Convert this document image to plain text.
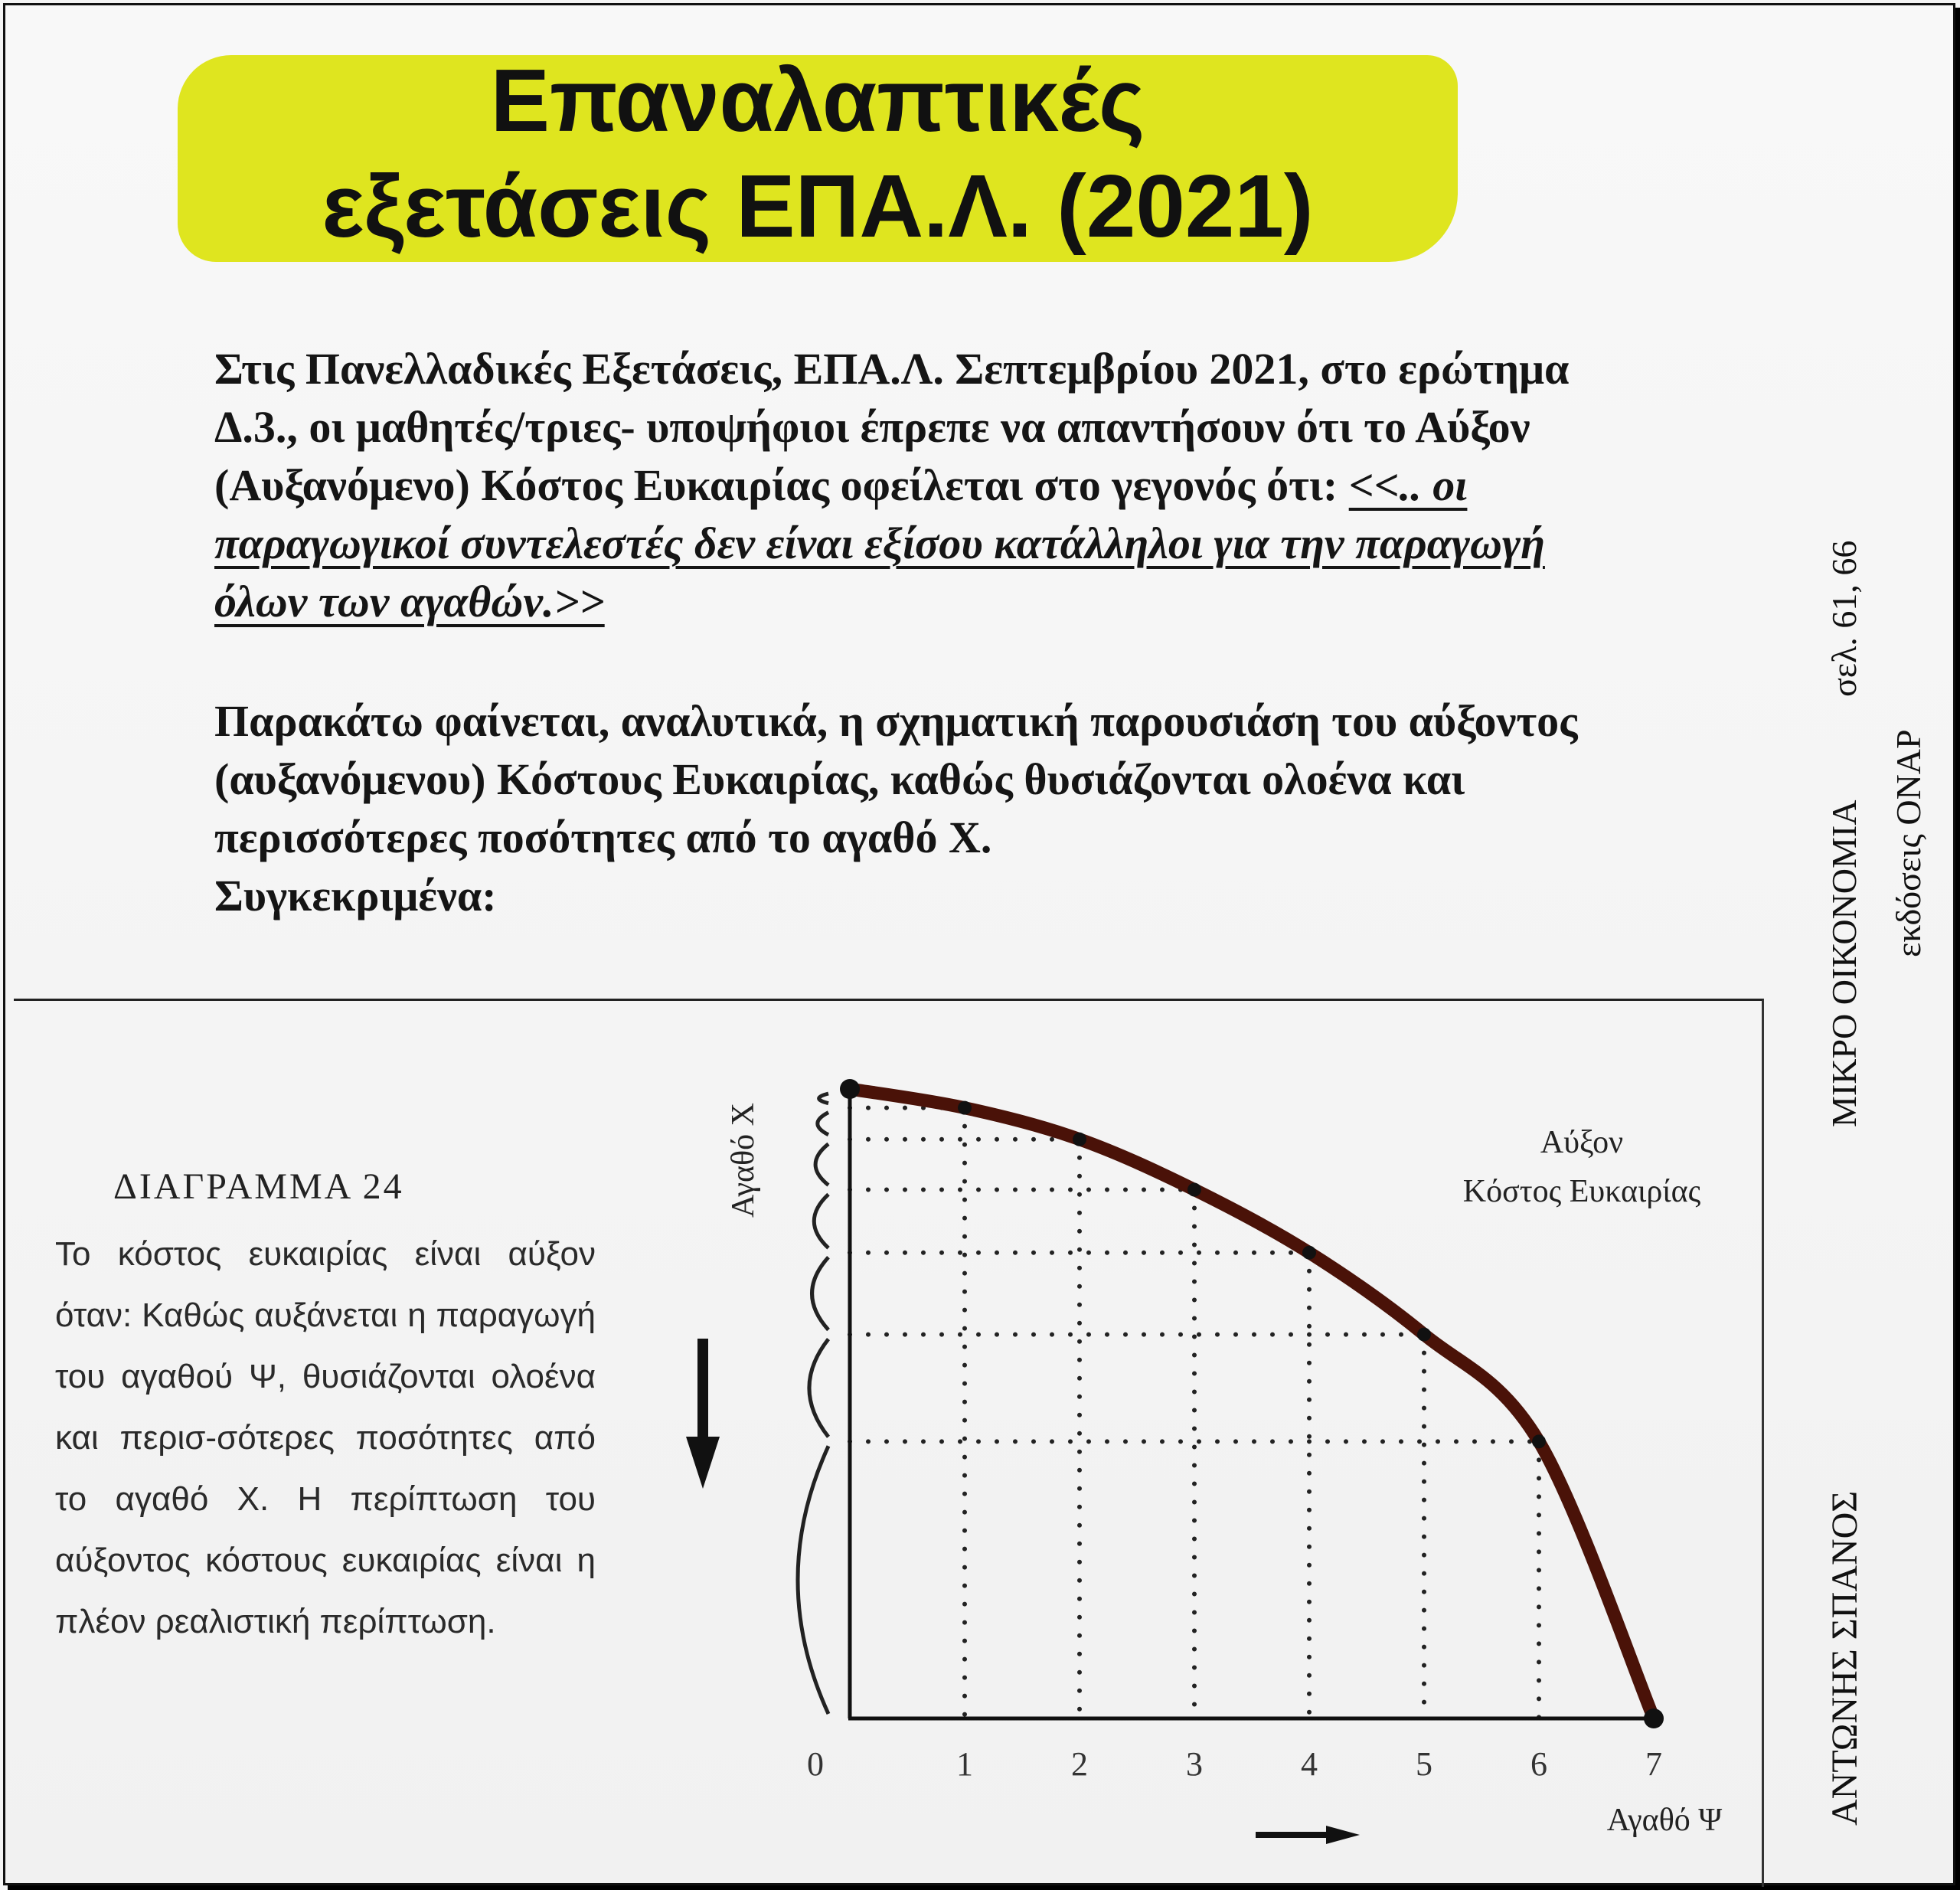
Επαναλαπτικές
εξετάσεις ΕΠΑ.Λ. (2021)
Στις Πανελλαδικές Εξετάσεις, ΕΠΑ.Λ. Σεπτεμβρίου 2021, στο ερώτημα Δ.3., οι μαθητές/τριες- υποψήφιοι έπρεπε να απαντήσουν ότι το Αύξον (Αυξανόμενο) Κόστος Ευκαιρίας οφείλεται στο γεγονός ότι: <<.. οι παραγωγικοί συντελεστές δεν είναι εξίσου κατάλληλοι για την παραγωγή όλων των αγαθών.>>
Παρακάτω φαίνεται, αναλυτικά, η σχηματική παρουσιάση του αύξοντος (αυξανόμενου) Κόστους Ευκαιρίας, καθώς θυσιάζονται ολοένα και περισσότερες ποσότητες από το αγαθό Χ.
Συγκεκριμένα:	ΜΙΚΡΟ ΟΙΚΟΝΟΜΙΑ
σελ. 61, 66
εκδόσεις ΟΝΑΡ
ΑΝΤΩΝΗΣ ΣΠΑΝΟΣ
ΔΙΑΓΡΑΜΜΑ 24
Το κόστος ευκαιρίας είναι αύξον όταν: Καθώς αυξάνεται η παραγωγή του αγαθού Ψ, θυσιάζονται ολοένα και περισ-σότερες ποσότητες από το αγαθό Χ. Η περίπτωση του αύξοντος κόστους ευκαιρίας είναι η πλέον ρεαλιστική περίπτωση.
0	1	2	3	4	5	6	7
Αύξον
Κόστος Ευκαιρίας
Αγαθό Ψ
Αγαθό Χ
